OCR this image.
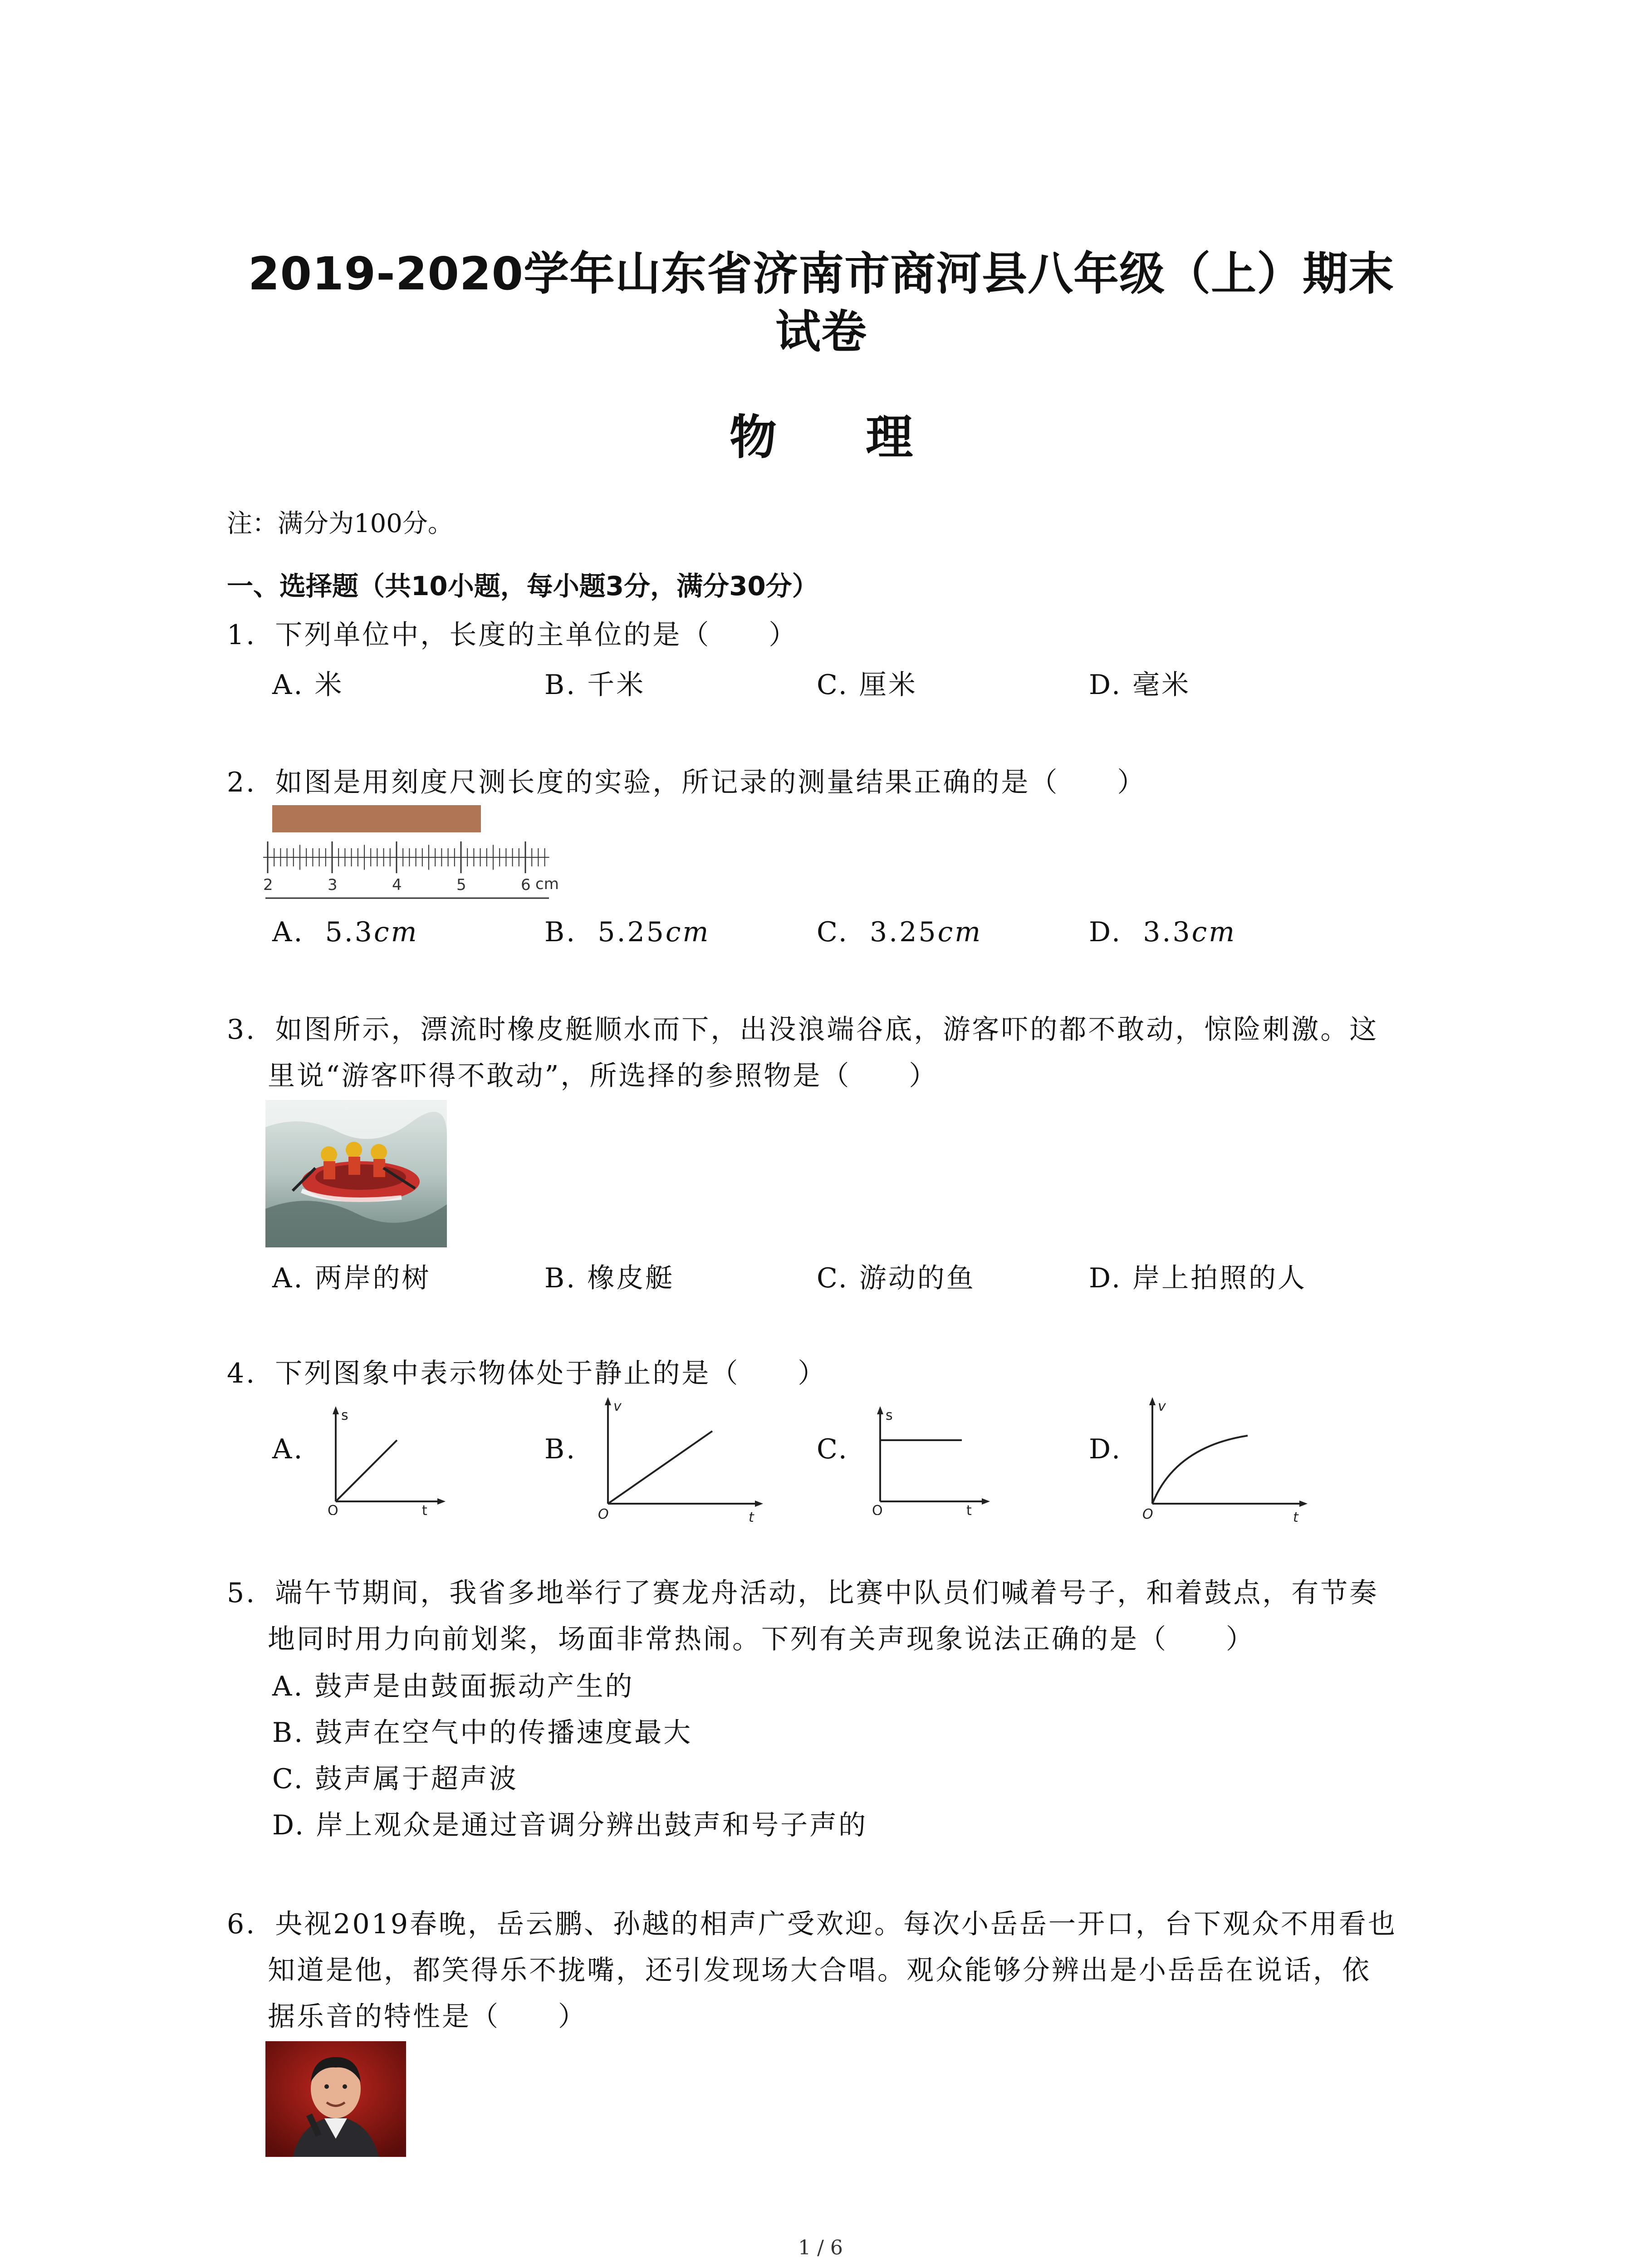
2019-2020学年山东省济南市商河县八年级（上）期末
试卷
物 理
注：满分为100分。
一、选择题（共10小题，每小题3分，满分30分）
1. 下列单位中，长度的主单位的是（　　）
A. 米	B. 千米	C. 厘米	D. 毫米
2. 如图是用刻度尺测长度的实验，所记录的测量结果正确的是（　　）
2	3	4	5	6 cm
A. 5.3cm	B. 5.25cm	C. 3.25cm	D. 3.3cm
3. 如图所示，漂流时橡皮艇顺水而下，出没浪端谷底，游客吓的都不敢动，惊险刺激。这
里说“游客吓得不敢动”，所选择的参照物是（　　）
A. 两岸的树	B. 橡皮艇	C. 游动的鱼	D. 岸上拍照的人
4. 下列图象中表示物体处于静止的是（　　）
A.
s
O	t
B.
v
O	t
C.
s
O	t
D.
v
O	t
5. 端午节期间，我省多地举行了赛龙舟活动，比赛中队员们喊着号子，和着鼓点，有节奏
地同时用力向前划桨，场面非常热闹。下列有关声现象说法正确的是（　　）
A. 鼓声是由鼓面振动产生的
B. 鼓声在空气中的传播速度最大
C. 鼓声属于超声波
D. 岸上观众是通过音调分辨出鼓声和号子声的
6. 央视2019春晚，岳云鹏、孙越的相声广受欢迎。每次小岳岳一开口，台下观众不用看也
知道是他，都笑得乐不拢嘴，还引发现场大合唱。观众能够分辨出是小岳岳在说话，依
据乐音的特性是（　　）
1 / 6
